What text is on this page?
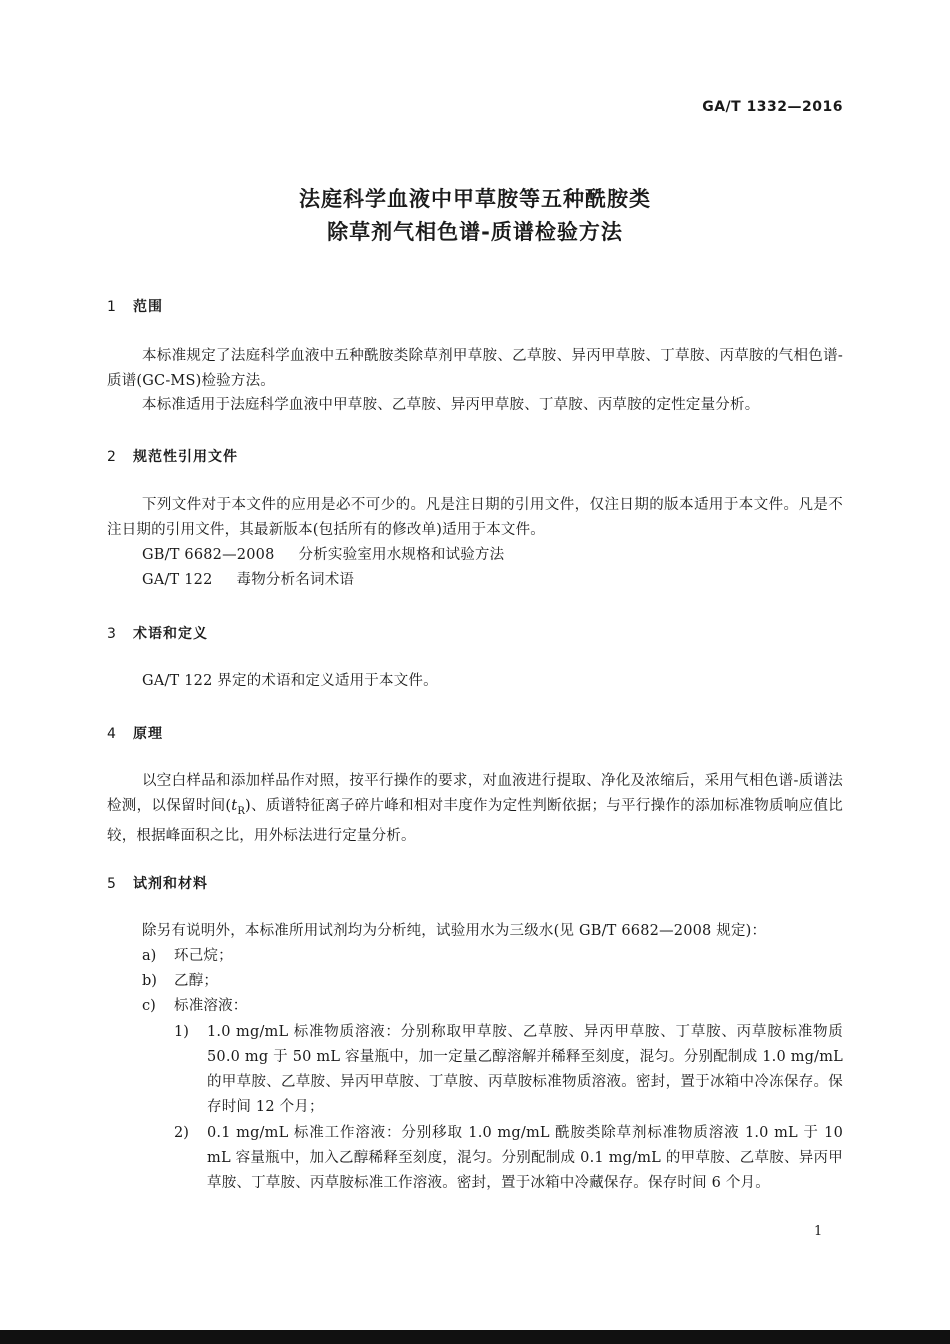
GA/T 1332—2016
法庭科学血液中甲草胺等五种酰胺类
除草剂气相色谱-质谱检验方法
1 范围
本标准规定了法庭科学血液中五种酰胺类除草剂甲草胺、乙草胺、异丙甲草胺、丁草胺、丙草胺的气相色谱-质谱(GC-MS)检验方法。
本标准适用于法庭科学血液中甲草胺、乙草胺、异丙甲草胺、丁草胺、丙草胺的定性定量分析。
2 规范性引用文件
下列文件对于本文件的应用是必不可少的。凡是注日期的引用文件，仅注日期的版本适用于本文件。凡是不注日期的引用文件，其最新版本(包括所有的修改单)适用于本文件。
GB/T 6682—2008 分析实验室用水规格和试验方法
GA/T 122 毒物分析名词术语
3 术语和定义
GA/T 122 界定的术语和定义适用于本文件。
4 原理
以空白样品和添加样品作对照，按平行操作的要求，对血液进行提取、净化及浓缩后，采用气相色谱-质谱法检测，以保留时间$(t_R)$、质谱特征离子碎片峰和相对丰度作为定性判断依据；与平行操作的添加标准物质响应值比较，根据峰面积之比，用外标法进行定量分析。
5 试剂和材料
除另有说明外，本标准所用试剂均为分析纯，试验用水为三级水(见 GB/T 6682—2008 规定)：
a) 环己烷；
b) 乙醇；
c) 标准溶液：
1) 1.0 mg/mL 标准物质溶液：分别称取甲草胺、乙草胺、异丙甲草胺、丁草胺、丙草胺标准物质 50.0 mg 于 50 mL 容量瓶中，加一定量乙醇溶解并稀释至刻度，混匀。分别配制成 1.0 mg/mL 的甲草胺、乙草胺、异丙甲草胺、丁草胺、丙草胺标准物质溶液。密封，置于冰箱中冷冻保存。保存时间 12 个月；
2) 0.1 mg/mL 标准工作溶液：分别移取 1.0 mg/mL 酰胺类除草剂标准物质溶液 1.0 mL 于 10 mL 容量瓶中，加入乙醇稀释至刻度，混匀。分别配制成 0.1 mg/mL 的甲草胺、乙草胺、异丙甲草胺、丁草胺、丙草胺标准工作溶液。密封，置于冰箱中冷藏保存。保存时间 6 个月。
1
